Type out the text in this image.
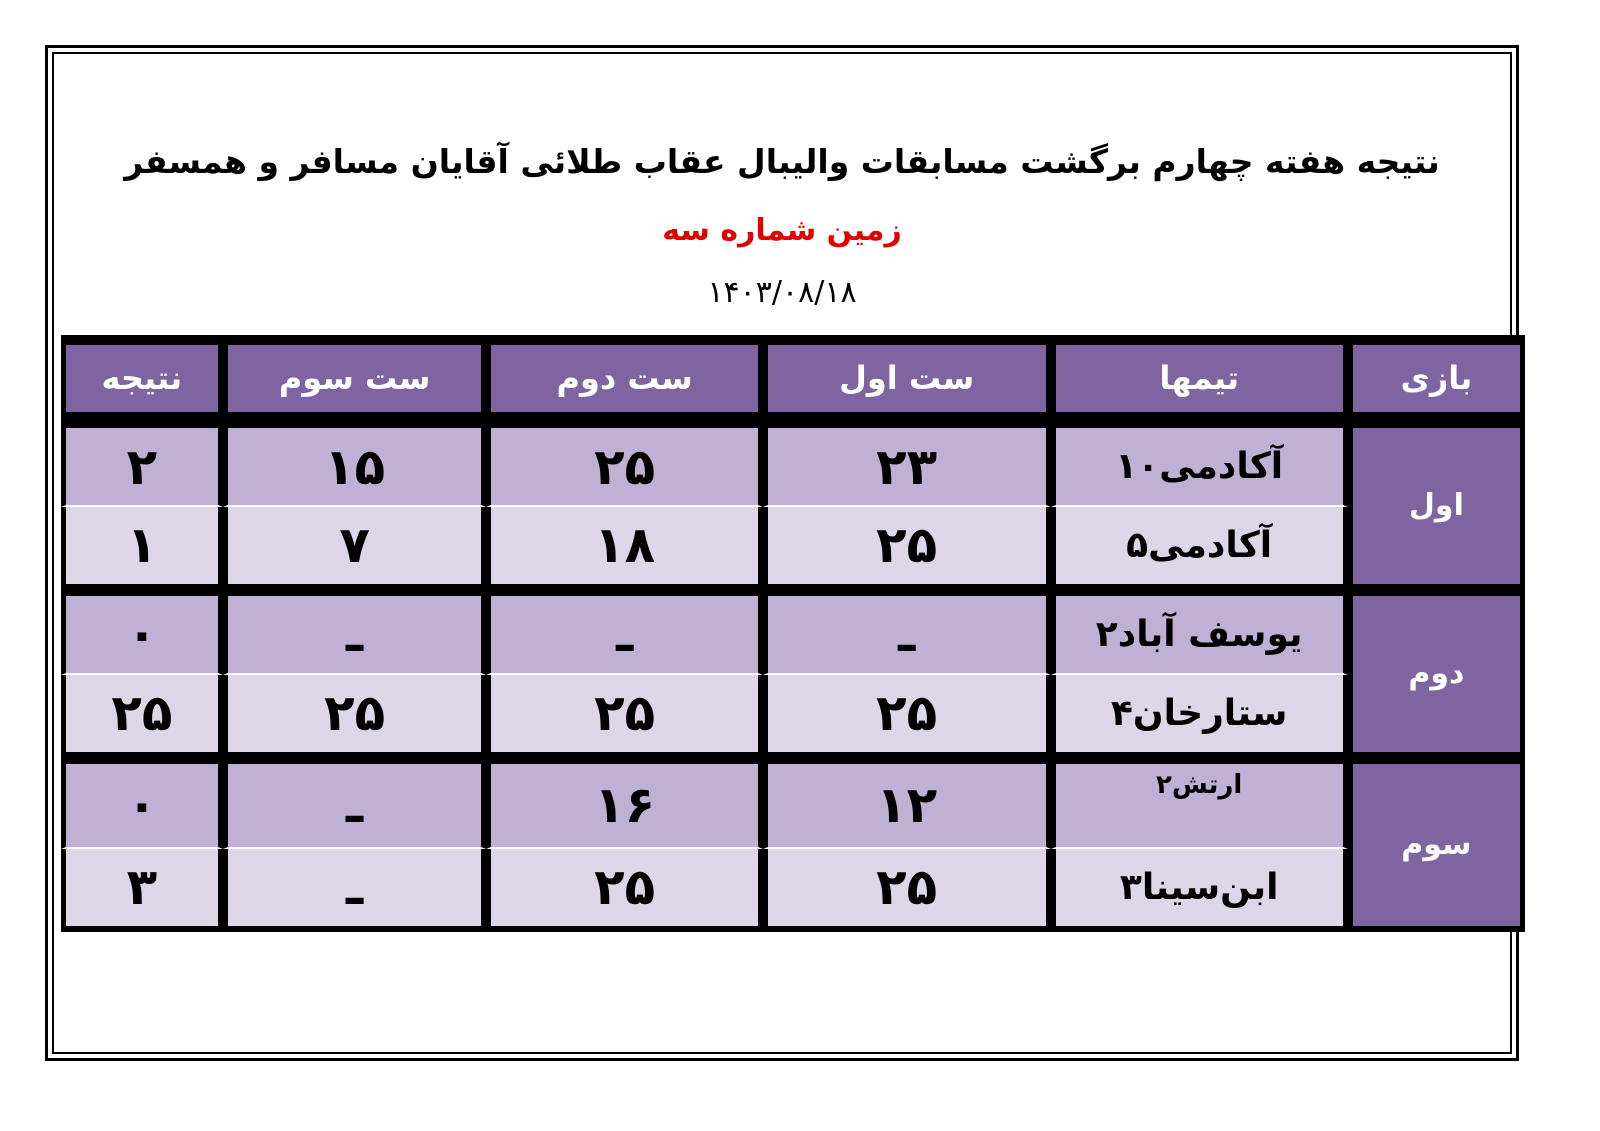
نتیجه هفته چهارم برگشت مسابقات والیبال عقاب طلائی آقایان مسافر و همسفر
زمین شماره سه
۱۴۰۳/۰۸/۱۸
بازی	تیمها	ست اول	ست دوم	ست سوم	نتیجه
اول	آکادمی۱۰	۲۳	۲۵	۱۵	۲
	آکادمی۵	۲۵	۱۸	۷	۱
دوم	یوسف آباد۲	ـ	ـ	ـ	۰
	ستارخان۴	۲۵	۲۵	۲۵	۲۵
سوم	ارتش۲	۱۲	۱۶	ـ	۰
	ابن‌سینا۳	۲۵	۲۵	ـ	۳
